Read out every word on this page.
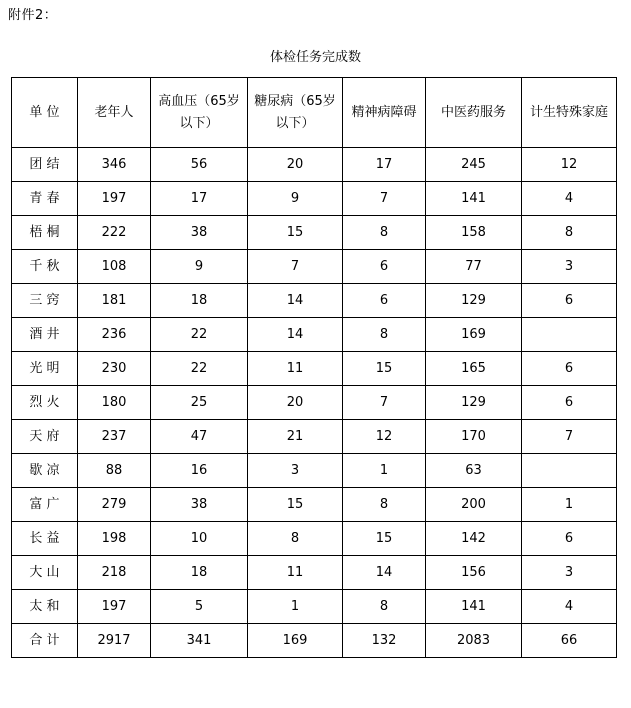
附件2：
体检任务完成数
单 位	老年人	高血压（65岁以下）	糖尿病（65岁以下）	精神病障碍	中医药服务	计生特殊家庭
团 结	346	56	20	17	245	12
青 春	197	17	9	7	141	4
梧 桐	222	38	15	8	158	8
千 秋	108	9	7	6	77	3
三 窍	181	18	14	6	129	6
酒 井	236	22	14	8	169	
光 明	230	22	11	15	165	6
烈 火	180	25	20	7	129	6
天 府	237	47	21	12	170	7
歇 凉	88	16	3	1	63	
富 广	279	38	15	8	200	1
长 益	198	10	8	15	142	6
大 山	218	18	11	14	156	3
太 和	197	5	1	8	141	4
合 计	2917	341	169	132	2083	66
